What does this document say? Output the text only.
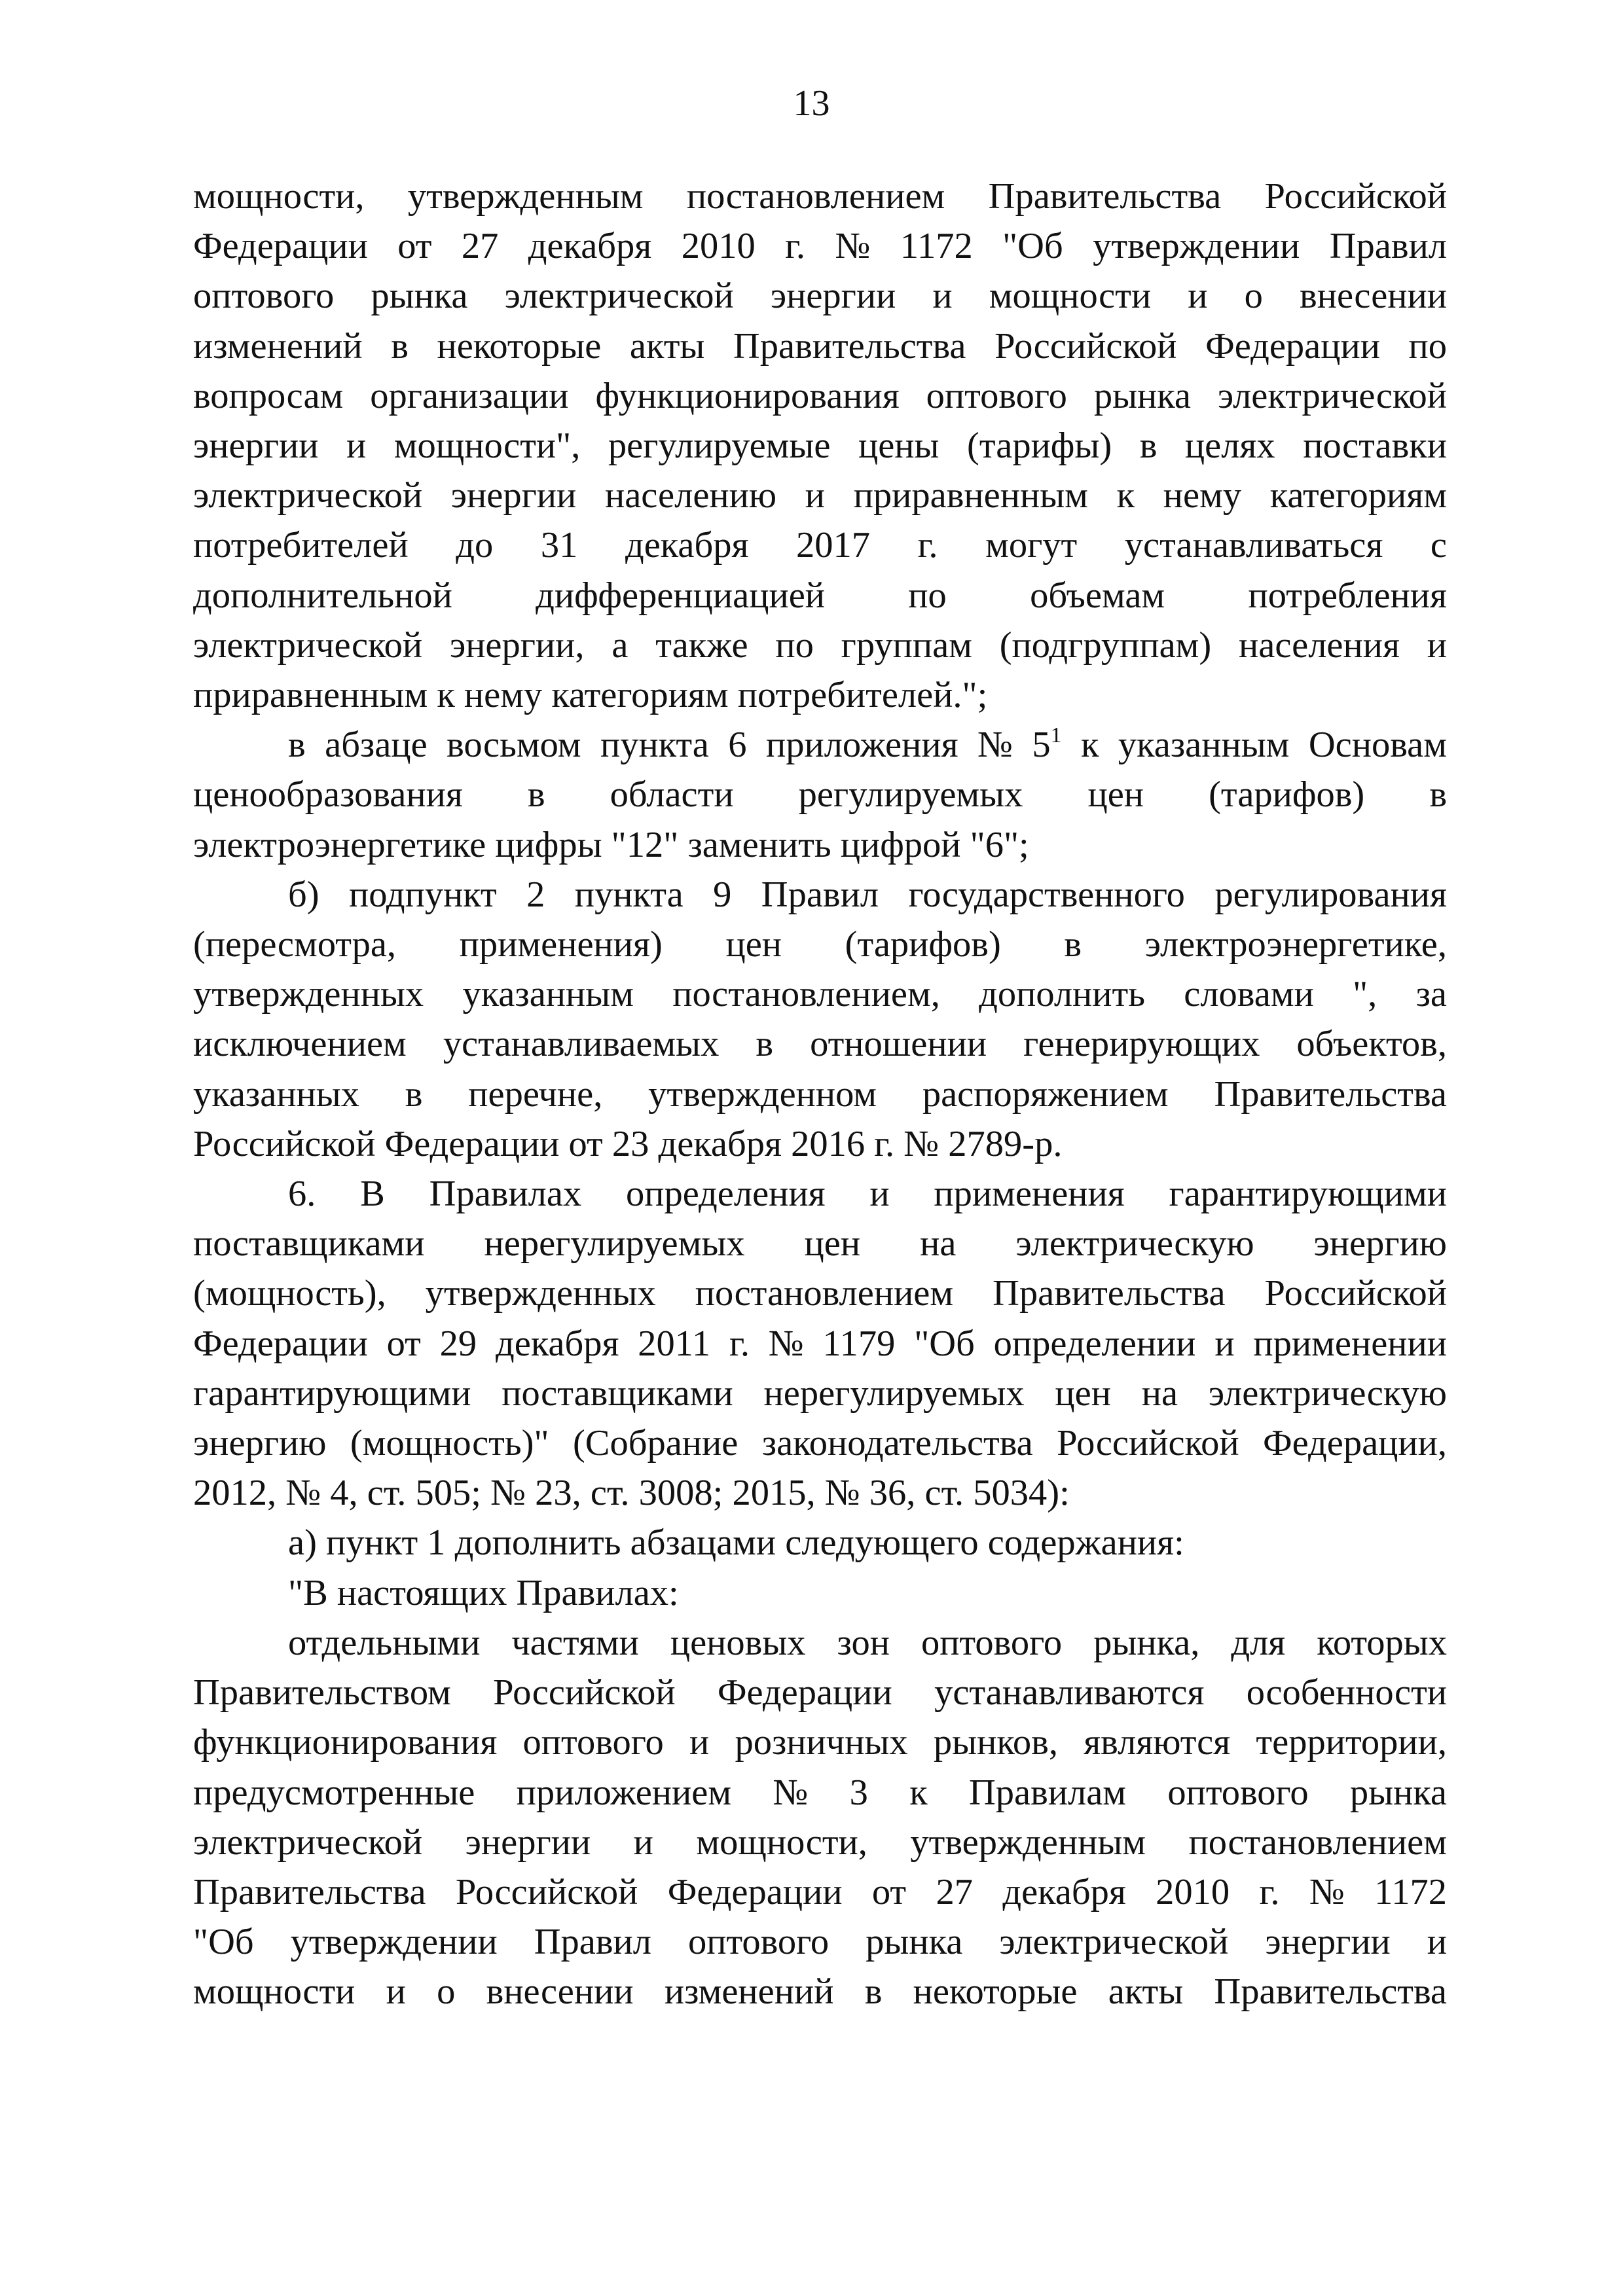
13

мощности, утвержденным постановлением Правительства Российской
Федерации от 27 декабря 2010 г. № 1172 "Об утверждении Правил
оптового рынка электрической энергии и мощности и о внесении
изменений в некоторые акты Правительства Российской Федерации по
вопросам организации функционирования оптового рынка электрической
энергии и мощности", регулируемые цены (тарифы) в целях поставки
электрической энергии населению и приравненным к нему категориям
потребителей до 31 декабря 2017 г. могут устанавливаться с
дополнительной дифференциацией по объемам потребления
электрической энергии, а также по группам (подгруппам) населения и
приравненным к нему категориям потребителей.";

в абзаце восьмом пункта 6 приложения № $5^1$ к указанным Основам
ценообразования в области регулируемых цен (тарифов) в
электроэнергетике цифры "12" заменить цифрой "6";

б) подпункт 2 пункта 9 Правил государственного регулирования
(пересмотра, применения) цен (тарифов) в электроэнергетике,
утвержденных указанным постановлением, дополнить словами ", за
исключением устанавливаемых в отношении генерирующих объектов,
указанных в перечне, утвержденном распоряжением Правительства
Российской Федерации от 23 декабря 2016 г. № 2789-р.

6. В Правилах определения и применения гарантирующими
поставщиками нерегулируемых цен на электрическую энергию
(мощность), утвержденных постановлением Правительства Российской
Федерации от 29 декабря 2011 г. № 1179 "Об определении и применении
гарантирующими поставщиками нерегулируемых цен на электрическую
энергию (мощность)" (Собрание законодательства Российской Федерации,
2012, № 4, ст. 505; № 23, ст. 3008; 2015, № 36, ст. 5034):

а) пункт 1 дополнить абзацами следующего содержания:

"В настоящих Правилах:

отдельными частями ценовых зон оптового рынка, для которых
Правительством Российской Федерации устанавливаются особенности
функционирования оптового и розничных рынков, являются территории,
предусмотренные приложением № 3 к Правилам оптового рынка
электрической энергии и мощности, утвержденным постановлением
Правительства Российской Федерации от 27 декабря 2010 г. № 1172
"Об утверждении Правил оптового рынка электрической энергии и
мощности и о внесении изменений в некоторые акты Правительства
